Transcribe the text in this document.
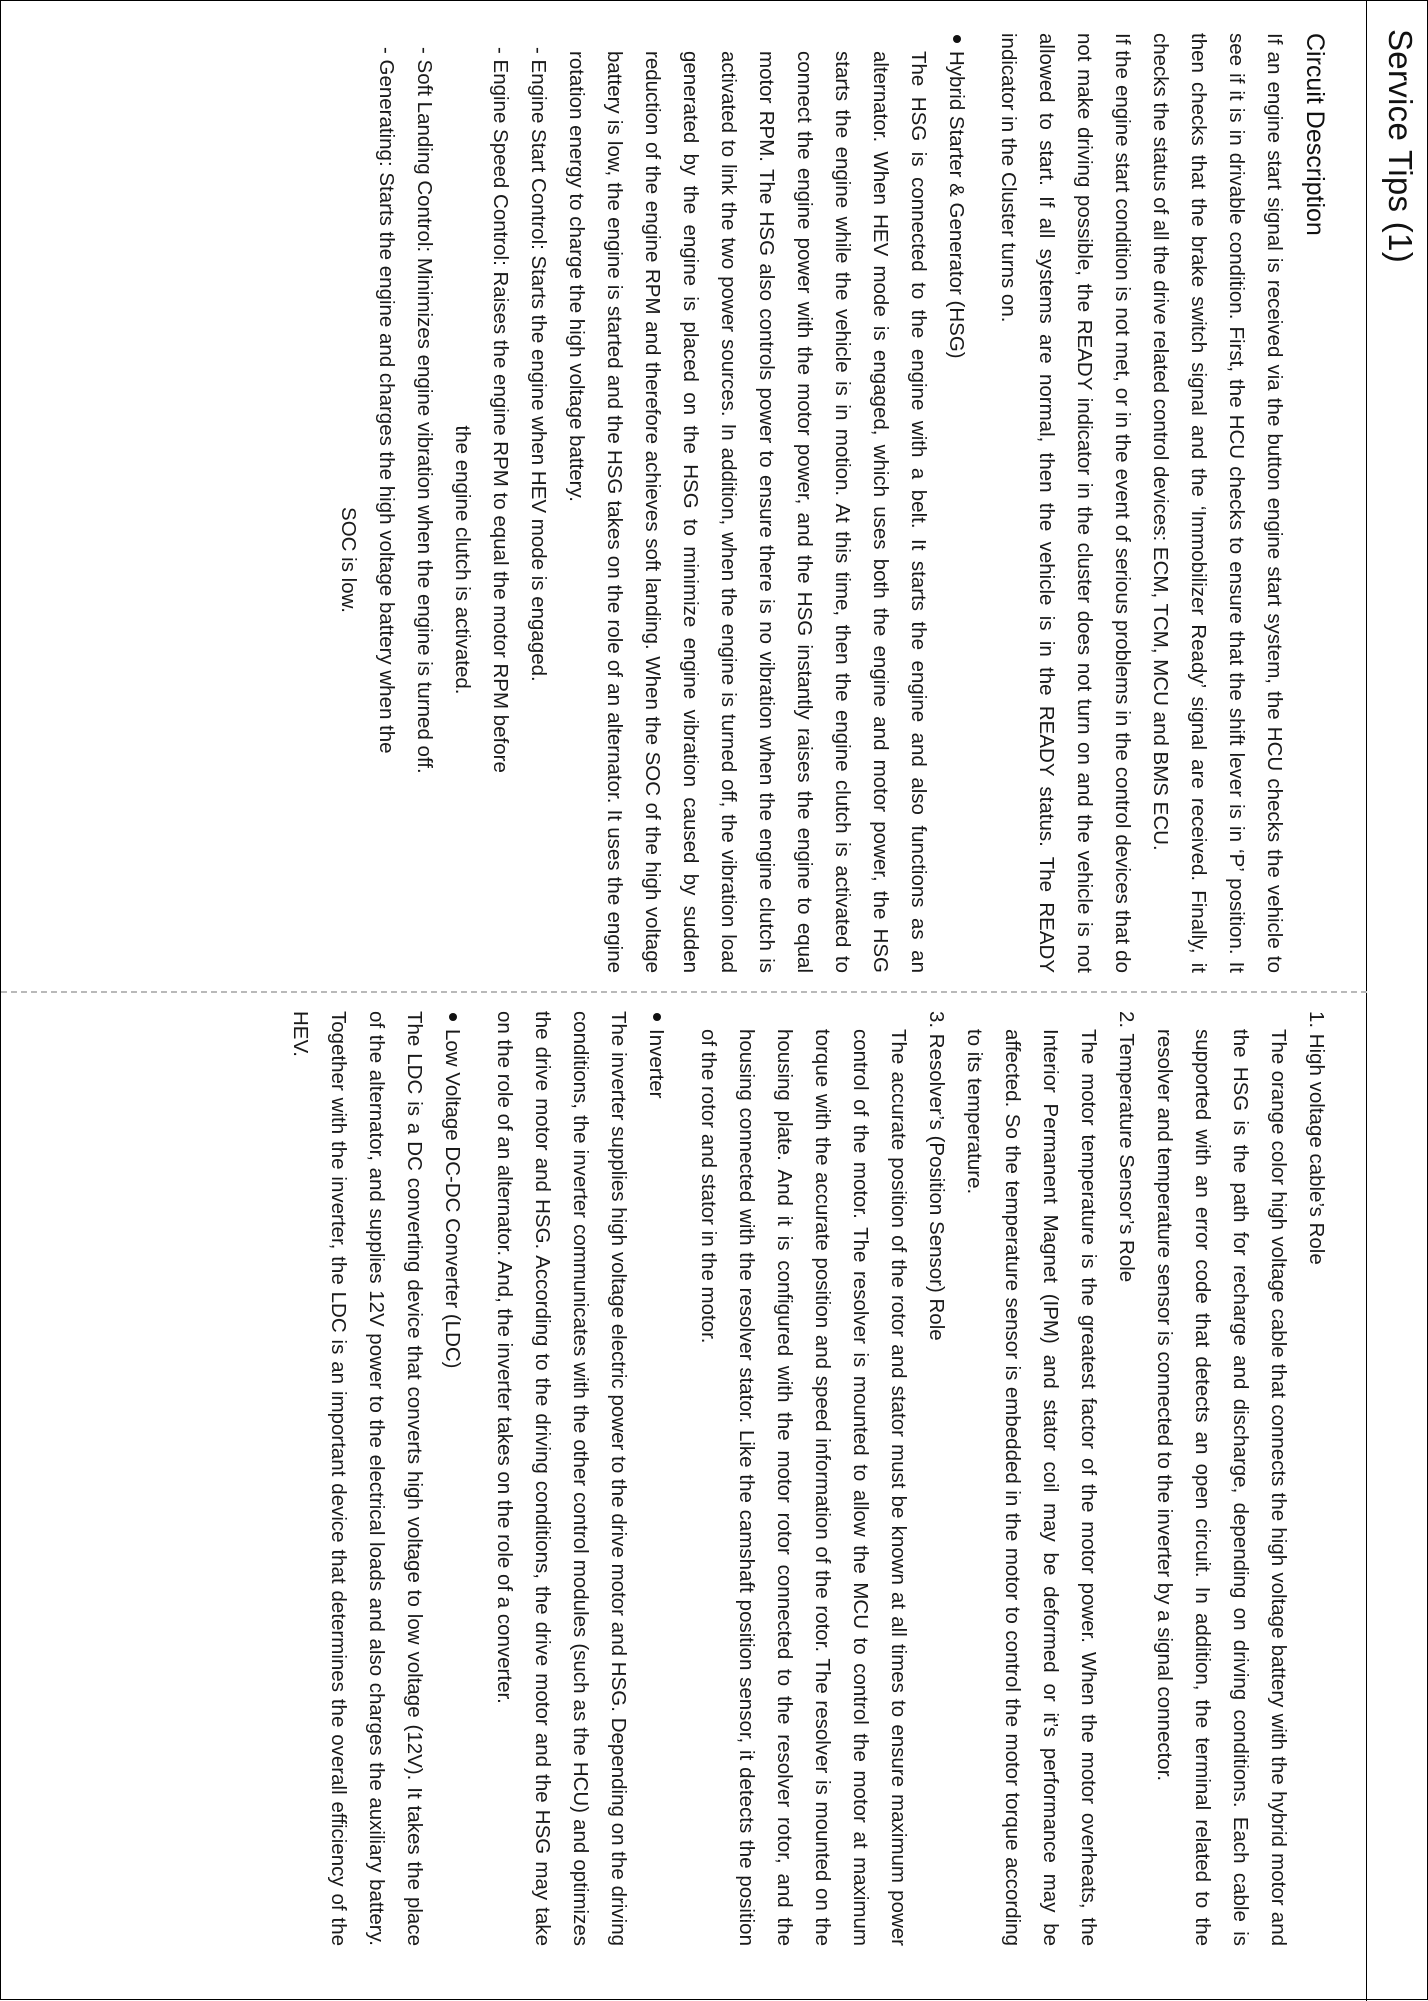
Service Tips (1)

Circuit Description

If an engine start signal is received via the button engine start system, the HCU checks the vehicle to see if it is in drivable condition. First, the HCU checks to ensure that the shift lever is in ‘P’ position. It then checks that the brake switch signal and the ‘Immobilizer Ready’ signal are received. Finally, it checks the status of all the drive related control devices: ECM, TCM, MCU and BMS ECU.

If the engine start condition is not met, or in the event of serious problems in the control devices that do not make driving possible, the READY indicator in the cluster does not turn on and the vehicle is not allowed to start. If all systems are normal, then the vehicle is in the READY status. The READY indicator in the Cluster turns on.

Hybrid Starter & Generator (HSG)

The HSG is connected to the engine with a belt. It starts the engine and also functions as an alternator. When HEV mode is engaged, which uses both the engine and motor power, the HSG starts the engine while the vehicle is in motion. At this time, then the engine clutch is activated to connect the engine power with the motor power, and the HSG instantly raises the engine to equal motor RPM. The HSG also controls power to ensure there is no vibration when the engine clutch is activated to link the two power sources. In addition, when the engine is turned off, the vibration load generated by the engine is placed on the HSG to minimize engine vibration caused by sudden reduction of the engine RPM and therefore achieves soft landing. When the SOC of the high voltage battery is low, the engine is started and the HSG takes on the role of an alternator. It uses the engine rotation energy to charge the high voltage battery.

- Engine Start Control: Starts the engine when HEV mode is engaged.

- Engine Speed Control: Raises the engine RPM to equal the motor RPM before
the engine clutch is activated.

- Soft Landing Control: Minimizes engine vibration when the engine is turned off.

- Generating: Starts the engine and charges the high voltage battery when the
SOC is low.

1. High voltage cable’s Role

The orange color high voltage cable that connects the high voltage battery with the hybrid motor and the HSG is the path for recharge and discharge, depending on driving conditions. Each cable is supported with an error code that detects an open circuit. In addition, the terminal related to the resolver and temperature sensor is connected to the inverter by a signal connector.

2. Temperature Sensor’s Role

The motor temperature is the greatest factor of the motor power. When the motor overheats, the Interior Permanent Magnet (IPM) and stator coil may be deformed or it’s performance may be affected. So the temperature sensor is embedded in the motor to control the motor torque according to its temperature.

3. Resolver’s (Position Sensor) Role

The accurate position of the rotor and stator must be known at all times to ensure maximum power control of the motor. The resolver is mounted to allow the MCU to control the motor at maximum torque with the accurate position and speed information of the rotor. The resolver is mounted on the housing plate. And it is configured with the motor rotor connected to the resolver rotor, and the housing connected with the resolver stator. Like the camshaft position sensor, it detects the position of the rotor and stator in the motor.

Inverter

The inverter supplies high voltage electric power to the drive motor and HSG. Depending on the driving conditions, the inverter communicates with the other control modules (such as the HCU) and optimizes the drive motor and HSG. According to the driving conditions, the drive motor and the HSG may take on the role of an alternator. And, the inverter takes on the role of a converter.

Low Voltage DC-DC Converter (LDC)

The LDC is a DC converting device that converts high voltage to low voltage (12V). It takes the place of the alternator, and supplies 12V power to the electrical loads and also charges the auxiliary battery. Together with the inverter, the LDC is an important device that determines the overall efficiency of the HEV.
